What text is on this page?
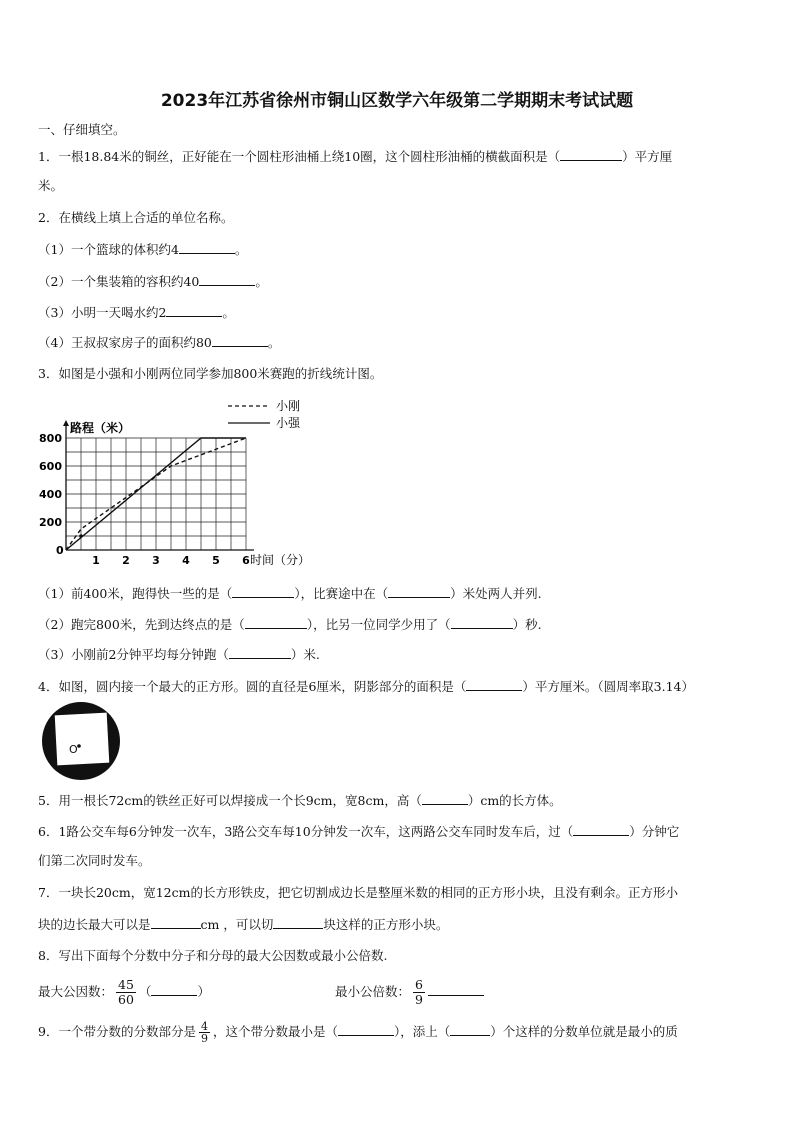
2023年江苏省徐州市铜山区数学六年级第二学期期末考试试题
一、仔细填空。
1．一根18.84米的铜丝，正好能在一个圆柱形油桶上绕10圈，这个圆柱形油桶的横截面积是（	）平方厘
米。
2．在横线上填上合适的单位名称。
（1）一个篮球的体积约4	。
（2）一个集装箱的容积约40	。
（3）小明一天喝水约2	。
（4）王叔叔家房子的面积约80	。
3．如图是小强和小刚两位同学参加800米赛跑的折线统计图。
路程（米）
0
200
400
600
800
1 2 3 4 5 6 时间（分）
小刚
小强
（1）前400米，跑得快一些的是（	），比赛途中在（	）米处两人并列.
（2）跑完800米，先到达终点的是（	），比另一位同学少用了（	）秒.
（3）小刚前2分钟平均每分钟跑（	）米.
4．如图，圆内接一个最大的正方形。圆的直径是6厘米，阴影部分的面积是（	）平方厘米。（圆周率取3.14）
O
5．用一根长72cm的铁丝正好可以焊接成一个长9cm，宽8cm，高（	）cm的长方体。
6．1路公交车每6分钟发一次车，3路公交车每10分钟发一次车，这两路公交车同时发车后，过（	）分钟它
们第二次同时发车。
7．一块长20cm，宽12cm的长方形铁皮，把它切割成边长是整厘米数的相同的正方形小块，且没有剩余。正方形小
块的边长最大可以是	cm ，可以切	块这样的正方形小块。
8．写出下面每个分数中分子和分母的最大公因数或最小公倍数.
最大公因数： $\frac{45}{60}$ （	）	最小公倍数： $\frac{6}{9}$
9．一个带分数的分数部分是 $\frac{4}{9}$ ，这个带分数最小是（	），添上（	）个这样的分数单位就是最小的质
